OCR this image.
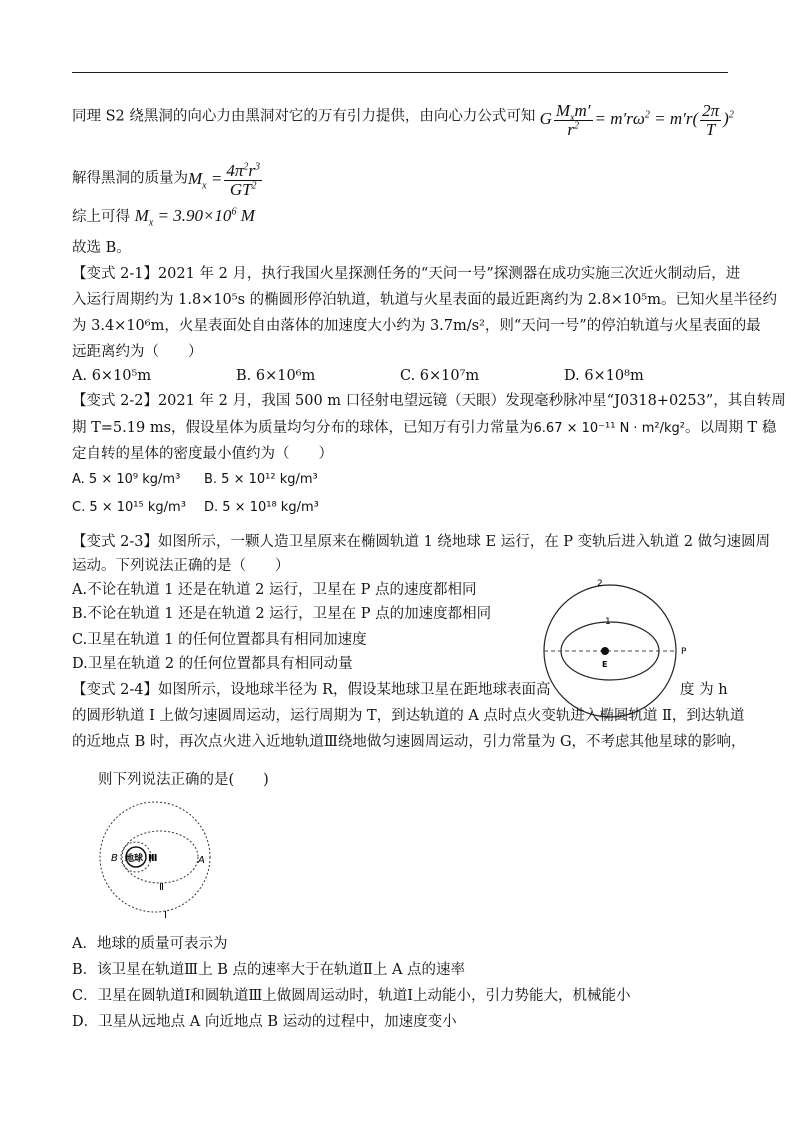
同理 S2 绕黑洞的向心力由黑洞对它的万有引力提供，由向心力公式可知 G $\frac{M_xm'}{r^2} = m'r\omega^2 = m'r( \frac{2\pi}{T} )^2$
解得黑洞的质量为$M_x = \frac{4\pi^2r^3}{GT^2}$
综上可得 $M_x = 3.90\times 10^6$ M
故选 B。
【变式 2-1】2021 年 2 月，执行我国火星探测任务的“天问一号”探测器在成功实施三次近火制动后，进
入运行周期约为 1.8×10⁵s 的椭圆形停泊轨道，轨道与火星表面的最近距离约为 2.8×10⁵m。已知火星半径约
为 3.4×10⁶m，火星表面处自由落体的加速度大小约为 3.7m/s²，则“天问一号”的停泊轨道与火星表面的最
远距离约为（　　）
A. 6×10⁵m	B. 6×10⁶m	C. 6×10⁷m	D. 6×10⁸m
【变式 2-2】2021 年 2 月，我国 500 m 口径射电望远镜（天眼）发现毫秒脉冲星“J0318+0253”，其自转周
期 T=5.19 ms，假设星体为质量均匀分布的球体，已知万有引力常量为6.67 × 10⁻¹¹ N · m²/kg²。以周期 T 稳
定自转的星体的密度最小值约为（　　）
A. 5 × 10⁹ kg/m³ B. 5 × 10¹² kg/m³
C. 5 × 10¹⁵ kg/m³ D. 5 × 10¹⁸ kg/m³
【变式 2-3】如图所示，一颗人造卫星原来在椭圆轨道 1 绕地球 E 运行，在 P 变轨后进入轨道 2 做匀速圆周
运动。下列说法正确的是（　　）
A.不论在轨道 1 还是在轨道 2 运行，卫星在 P 点的速度都相同
B.不论在轨道 1 还是在轨道 2 运行，卫星在 P 点的加速度都相同
C.卫星在轨道 1 的任何位置都具有相同加速度
D.卫星在轨道 2 的任何位置都具有相同动量
2
1
E
P
【变式 2-4】如图所示，设地球半径为 R，假设某地球卫星在距地球表面高	度 为 h
的圆形轨道 Ⅰ 上做匀速圆周运动，运行周期为 T，到达轨道的 A 点时点火变轨进入椭圆轨道 Ⅱ，到达轨道
的近地点 B 时，再次点火进入近地轨道Ⅲ绕地做匀速圆周运动，引力常量为 G，不考虑其他星球的影响，
则下列说法正确的是(　　)
B 地球 Ⅲ	A
Ⅱ
Ⅰ
A．地球的质量可表示为
B．该卫星在轨道Ⅲ上 B 点的速率大于在轨道Ⅱ上 A 点的速率
C．卫星在圆轨道Ⅰ和圆轨道Ⅲ上做圆周运动时，轨道Ⅰ上动能小，引力势能大，机械能小
D．卫星从远地点 A 向近地点 B 运动的过程中，加速度变小
